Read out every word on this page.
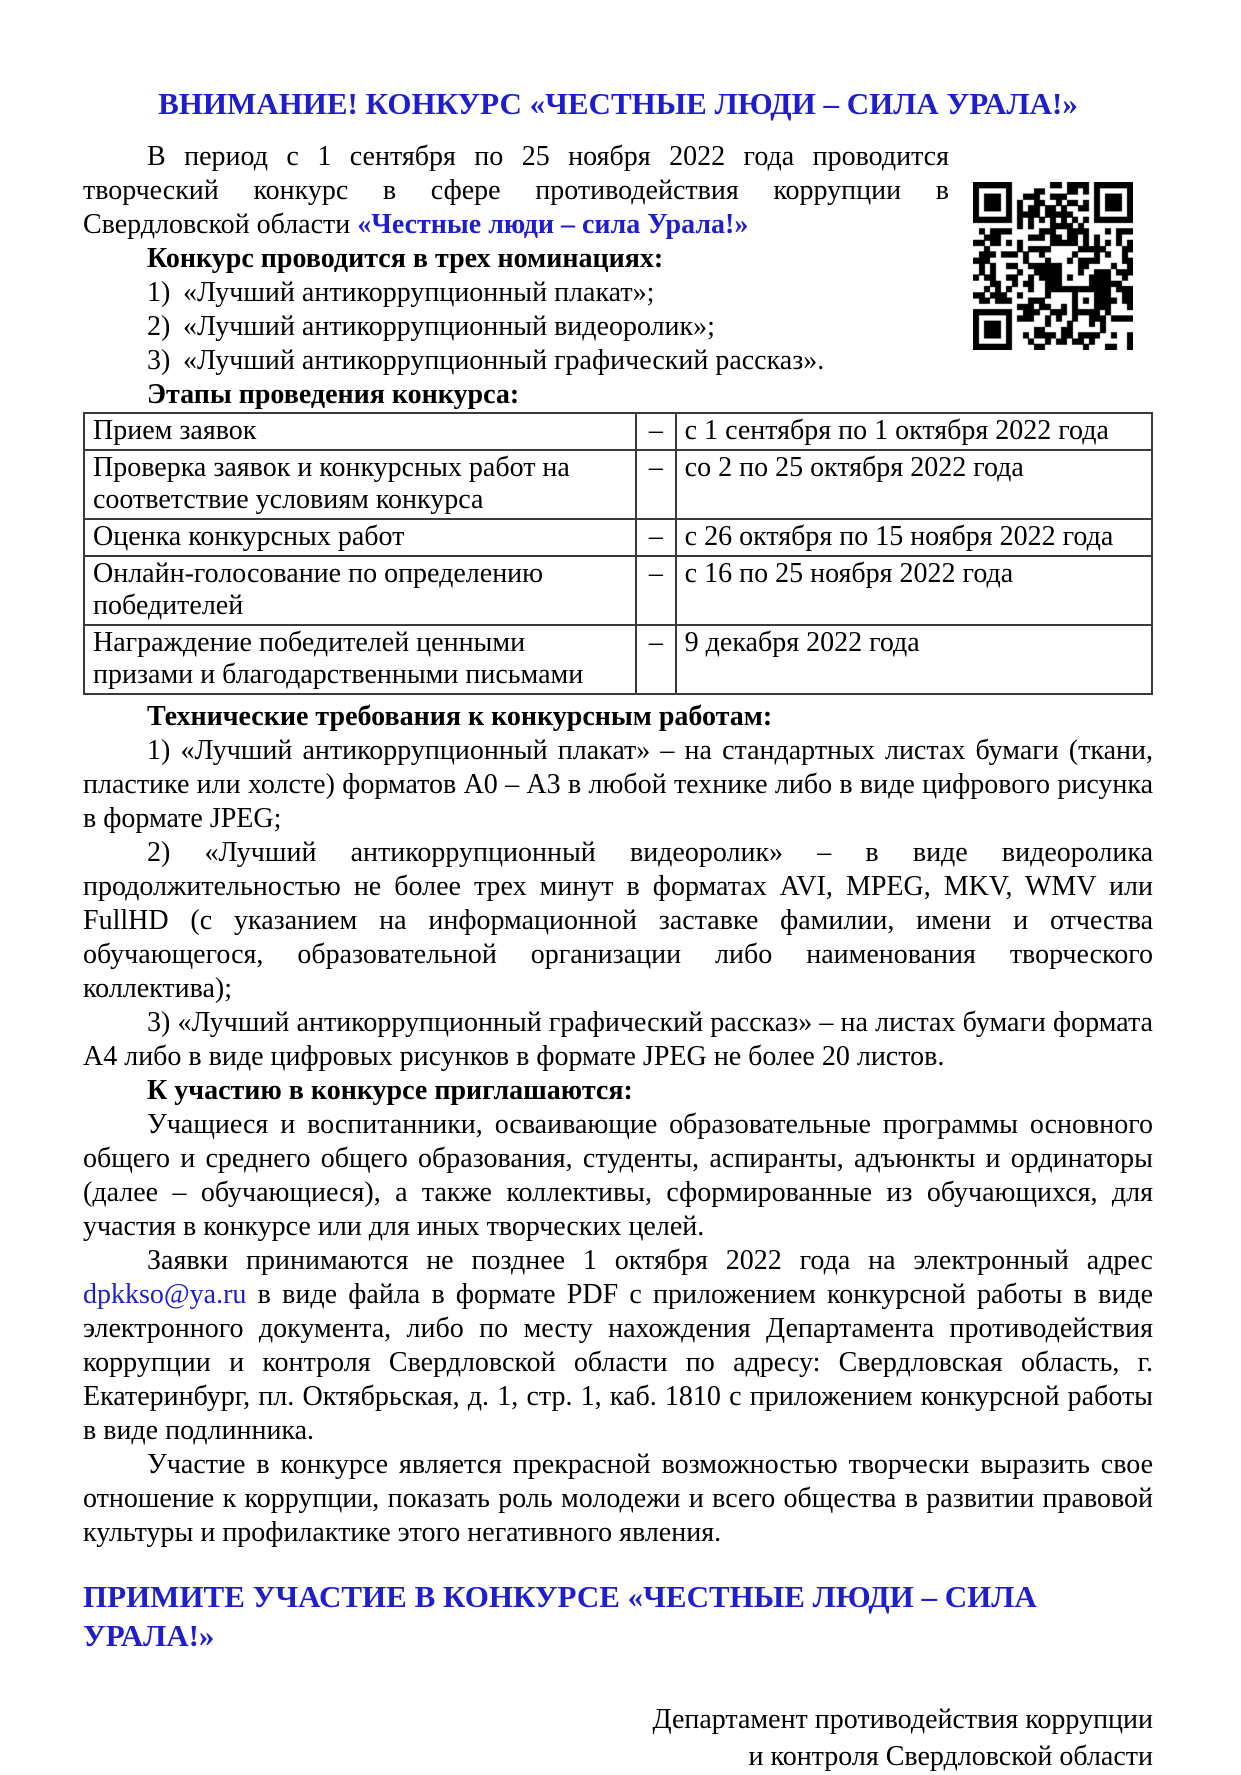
ВНИМАНИЕ! КОНКУРС «ЧЕСТНЫЕ ЛЮДИ – СИЛА УРАЛА!»

В период с 1 сентября по 25 ноября 2022 года проводится творческий конкурс в сфере противодействия коррупции в Свердловской области «Честные люди – сила Урала!»

Конкурс проводится в трех номинациях:

1) «Лучший антикоррупционный плакат»;
2) «Лучший антикоррупционный видеоролик»;
3) «Лучший антикоррупционный графический рассказ».

Этапы проведения конкурса:

Прием заявок	–	с 1 сентября по 1 октября 2022 года
Проверка заявок и конкурсных работ на соответствие условиям конкурса	–	со 2 по 25 октября 2022 года
Оценка конкурсных работ	–	с 26 октября по 15 ноября 2022 года
Онлайн-голосование по определению победителей	–	с 16 по 25 ноября 2022 года
Награждение победителей ценными призами и благодарственными письмами	–	9 декабря 2022 года

Технические требования к конкурсным работам:

1) «Лучший антикоррупционный плакат» – на стандартных листах бумаги (ткани, пластике или холсте) форматов А0 – А3 в любой технике либо в виде цифрового рисунка в формате JPEG;

2) «Лучший антикоррупционный видеоролик» – в виде видеоролика продолжительностью не более трех минут в форматах AVI, MPEG, MKV, WMV или FullHD (с указанием на информационной заставке фамилии, имени и отчества обучающегося, образовательной организации либо наименования творческого коллектива);

3) «Лучший антикоррупционный графический рассказ» – на листах бумаги формата А4 либо в виде цифровых рисунков в формате JPEG не более 20 листов.

К участию в конкурсе приглашаются:

Учащиеся и воспитанники, осваивающие образовательные программы основного общего и среднего общего образования, студенты, аспиранты, адъюнкты и ординаторы (далее – обучающиеся), а также коллективы, сформированные из обучающихся, для участия в конкурсе или для иных творческих целей.

Заявки принимаются не позднее 1 октября 2022 года на электронный адрес dpkkso@ya.ru в виде файла в формате PDF с приложением конкурсной работы в виде электронного документа, либо по месту нахождения Департамента противодействия коррупции и контроля Свердловской области по адресу: Свердловская область, г. Екатеринбург, пл. Октябрьская, д. 1, стр. 1, каб. 1810 с приложением конкурсной работы в виде подлинника.

Участие в конкурсе является прекрасной возможностью творчески выразить свое отношение к коррупции, показать роль молодежи и всего общества в развитии правовой культуры и профилактике этого негативного явления.

ПРИМИТЕ УЧАСТИЕ В КОНКУРСЕ «ЧЕСТНЫЕ ЛЮДИ – СИЛА УРАЛА!»

Департамент противодействия коррупции
и контроля Свердловской области
